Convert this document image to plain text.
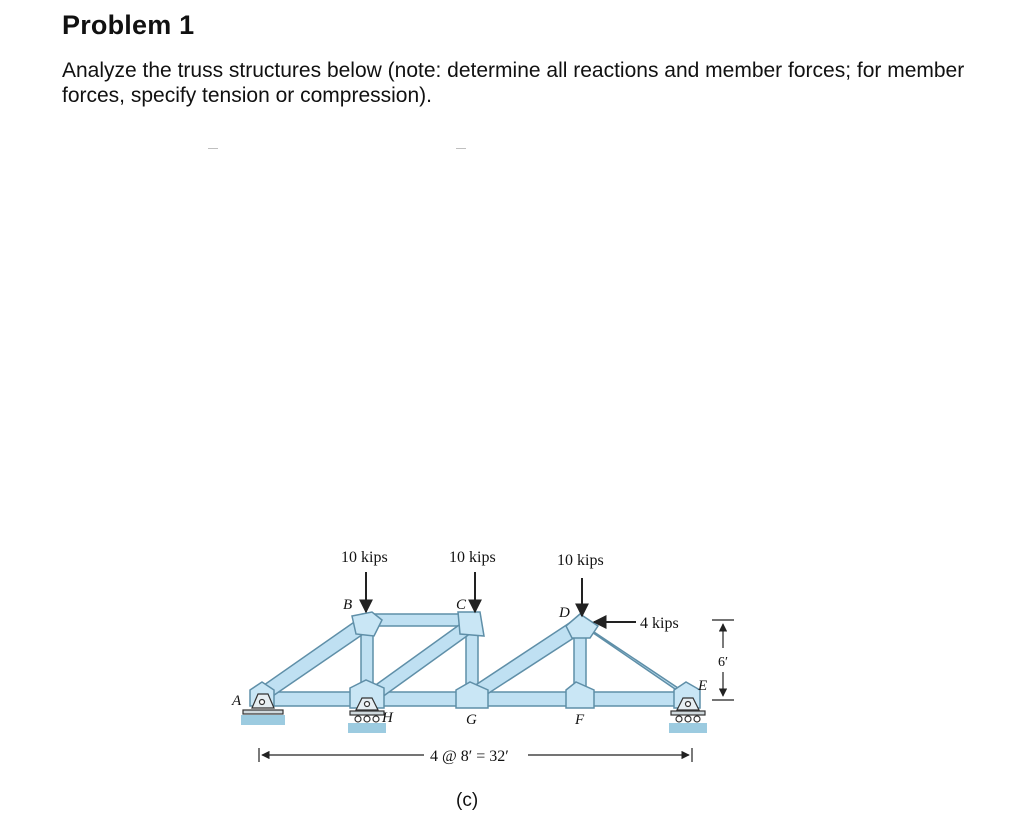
Problem 1
Analyze the truss structures below (note: determine all reactions and member forces; for member forces, specify tension or compression).
10 kips	10 kips	10 kips
4 kips
A
B	C	D
E
F
G
H
6′
4 @ 8′ = 32′
(c)
